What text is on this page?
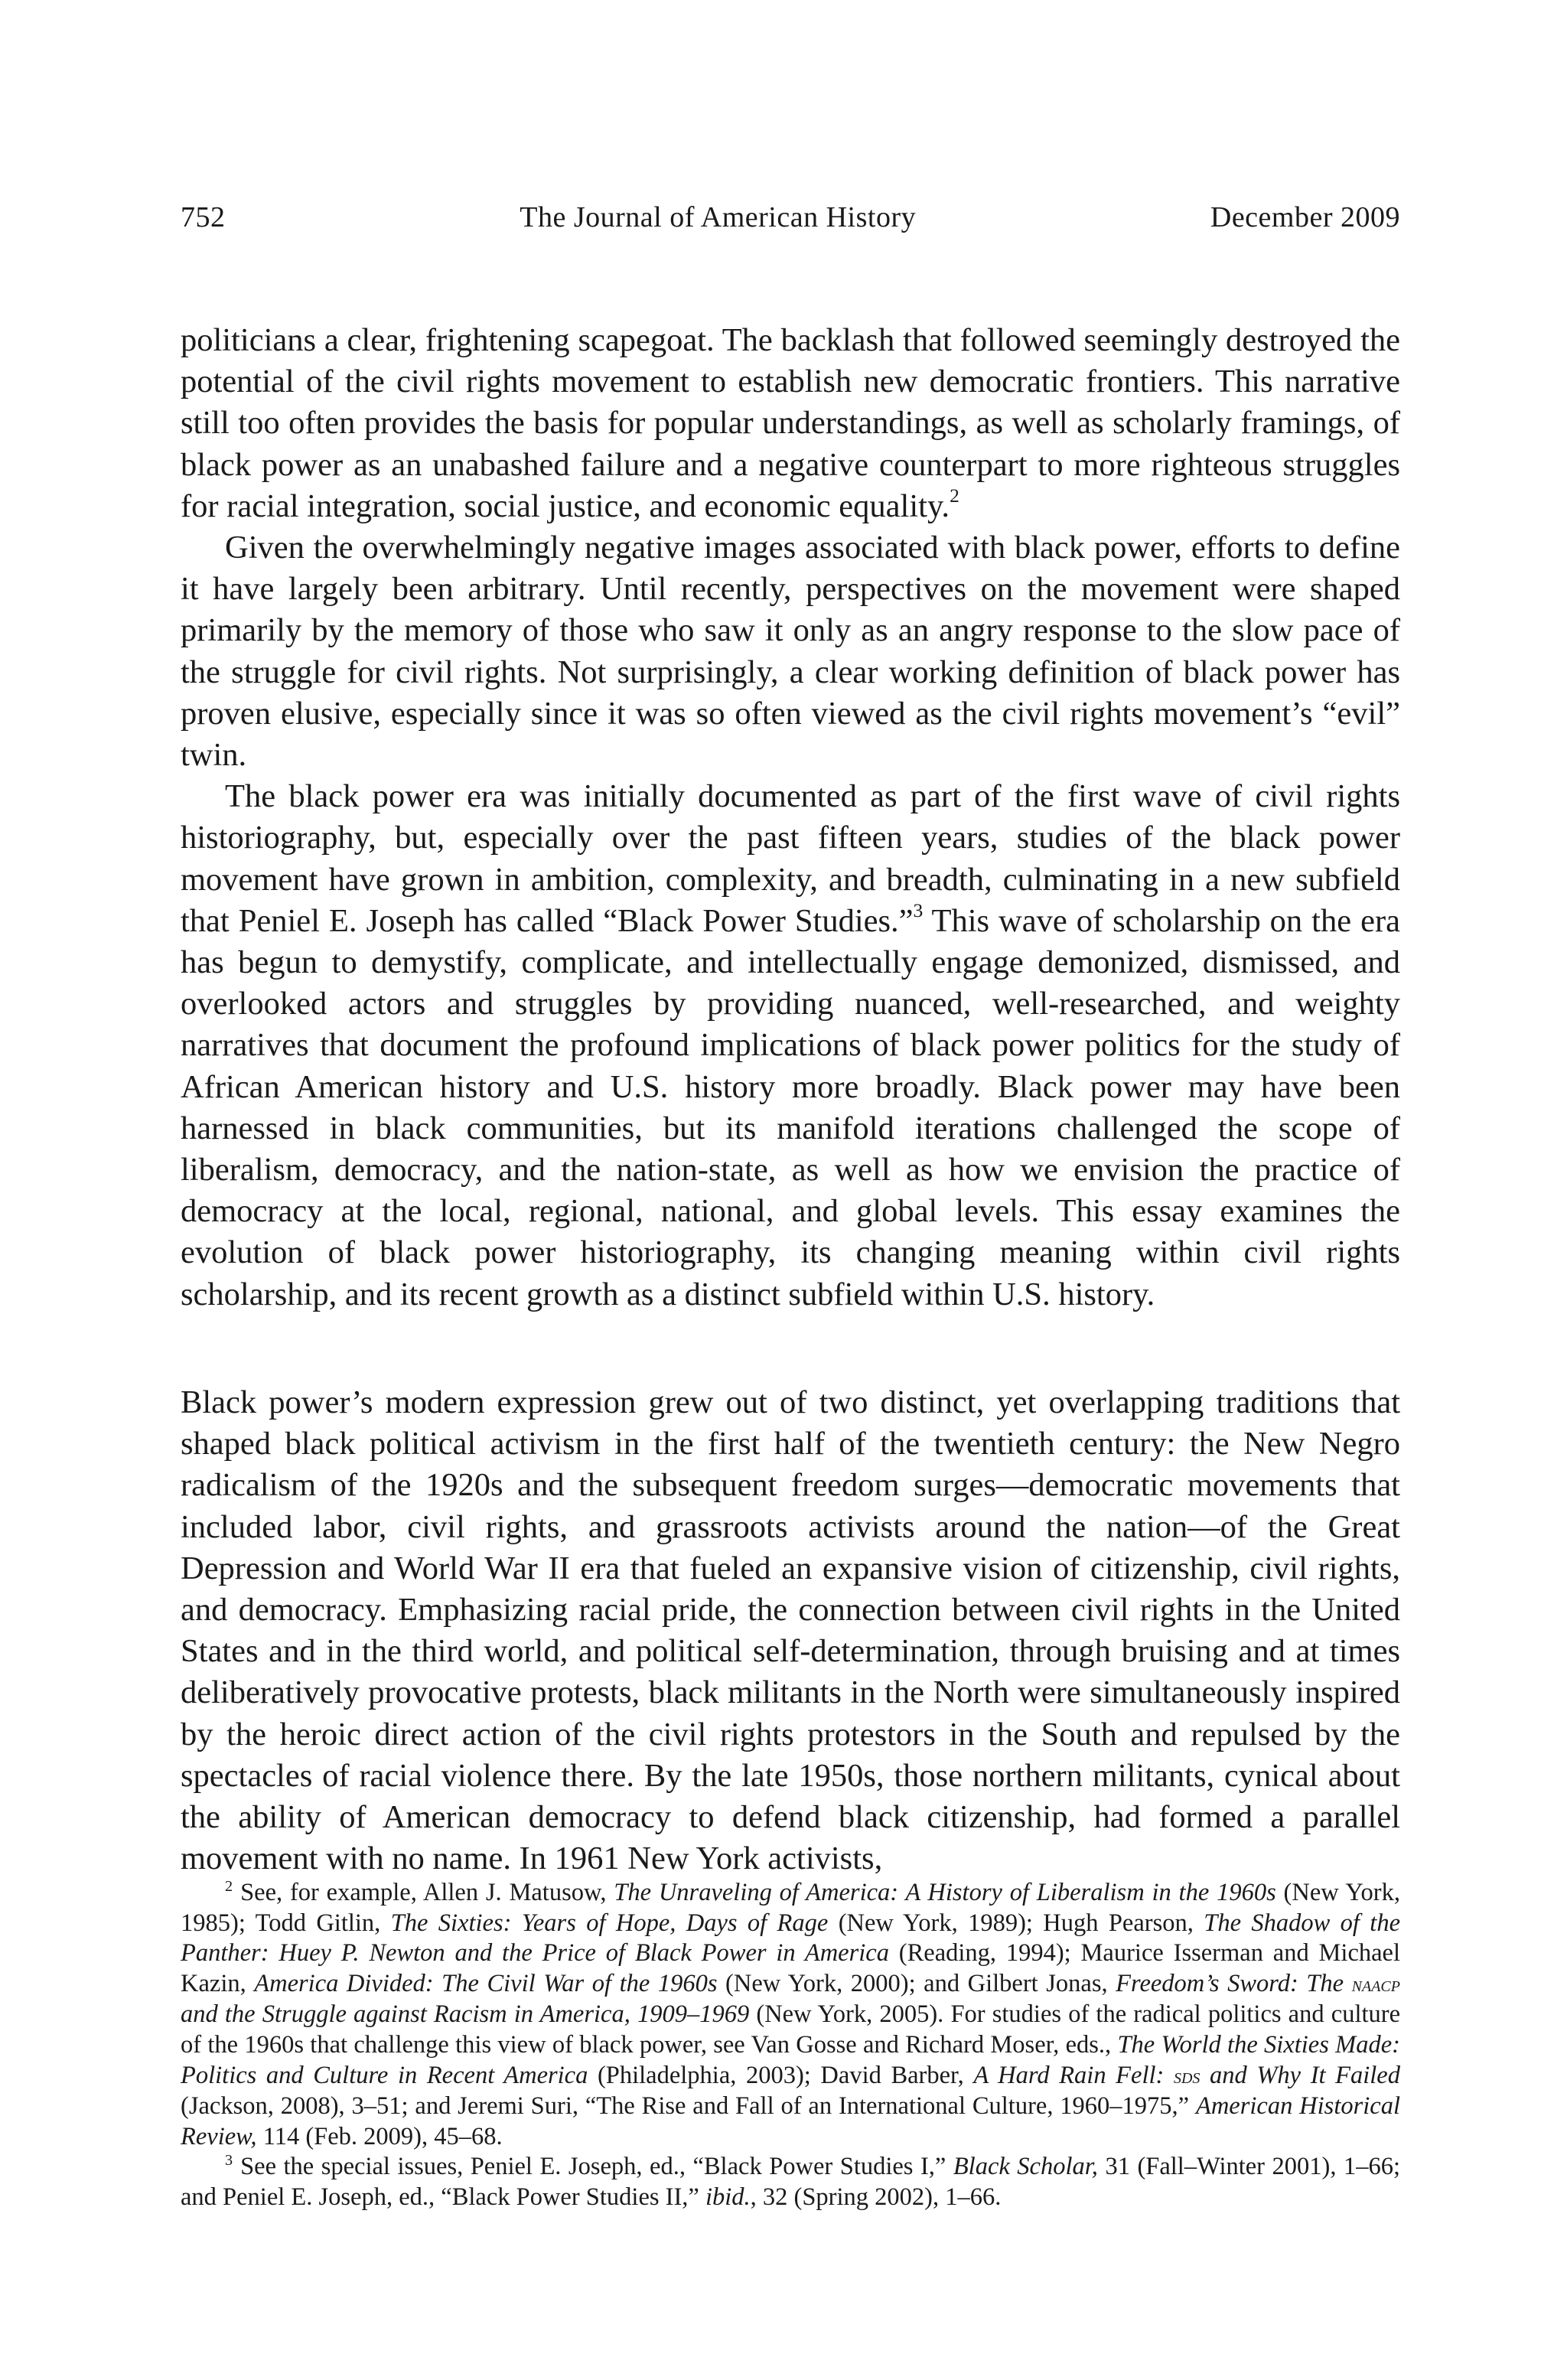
752	The Journal of American History	December 2009

politicians a clear, frightening scapegoat. The backlash that followed seemingly destroyed the potential of the civil rights movement to establish new democratic frontiers. This narrative still too often provides the basis for popular understandings, as well as scholarly framings, of black power as an unabashed failure and a negative counterpart to more righteous struggles for racial integration, social justice, and economic equality.$^2$

Given the overwhelmingly negative images associated with black power, efforts to define it have largely been arbitrary. Until recently, perspectives on the movement were shaped primarily by the memory of those who saw it only as an angry response to the slow pace of the struggle for civil rights. Not surprisingly, a clear working definition of black power has proven elusive, especially since it was so often viewed as the civil rights movement’s “evil” twin.

The black power era was initially documented as part of the first wave of civil rights historiography, but, especially over the past fifteen years, studies of the black power movement have grown in ambition, complexity, and breadth, culminating in a new subfield that Peniel E. Joseph has called “Black Power Studies.”$^3$ This wave of scholarship on the era has begun to demystify, complicate, and intellectually engage demonized, dismissed, and overlooked actors and struggles by providing nuanced, well-researched, and weighty narratives that document the profound implications of black power politics for the study of African American history and U.S. history more broadly. Black power may have been harnessed in black communities, but its manifold iterations challenged the scope of liberalism, democracy, and the nation-state, as well as how we envision the practice of democracy at the local, regional, national, and global levels. This essay examines the evolution of black power historiography, its changing meaning within civil rights scholarship, and its recent growth as a distinct subfield within U.S. history.

Black power’s modern expression grew out of two distinct, yet overlapping traditions that shaped black political activism in the first half of the twentieth century: the New Negro radicalism of the 1920s and the subsequent freedom surges—democratic movements that included labor, civil rights, and grassroots activists around the nation—of the Great Depression and World War II era that fueled an expansive vision of citizenship, civil rights, and democracy. Emphasizing racial pride, the connection between civil rights in the United States and in the third world, and political self-determination, through bruising and at times deliberatively provocative protests, black militants in the North were simultaneously inspired by the heroic direct action of the civil rights protestors in the South and repulsed by the spectacles of racial violence there. By the late 1950s, those northern militants, cynical about the ability of American democracy to defend black citizenship, had formed a parallel movement with no name. In 1961 New York activists,

$^2$ See, for example, Allen J. Matusow, The Unraveling of America: A History of Liberalism in the 1960s (New York, 1985); Todd Gitlin, The Sixties: Years of Hope, Days of Rage (New York, 1989); Hugh Pearson, The Shadow of the Panther: Huey P. Newton and the Price of Black Power in America (Reading, 1994); Maurice Isserman and Michael Kazin, America Divided: The Civil War of the 1960s (New York, 2000); and Gilbert Jonas, Freedom’s Sword: The naacp and the Struggle against Racism in America, 1909–1969 (New York, 2005). For studies of the radical politics and culture of the 1960s that challenge this view of black power, see Van Gosse and Richard Moser, eds., The World the Sixties Made: Politics and Culture in Recent America (Philadelphia, 2003); David Barber, A Hard Rain Fell: sds and Why It Failed (Jackson, 2008), 3–51; and Jeremi Suri, “The Rise and Fall of an International Culture, 1960–1975,” American Historical Review, 114 (Feb. 2009), 45–68.

$^3$ See the special issues, Peniel E. Joseph, ed., “Black Power Studies I,” Black Scholar, 31 (Fall–Winter 2001), 1–66; and Peniel E. Joseph, ed., “Black Power Studies II,” ibid., 32 (Spring 2002), 1–66.
